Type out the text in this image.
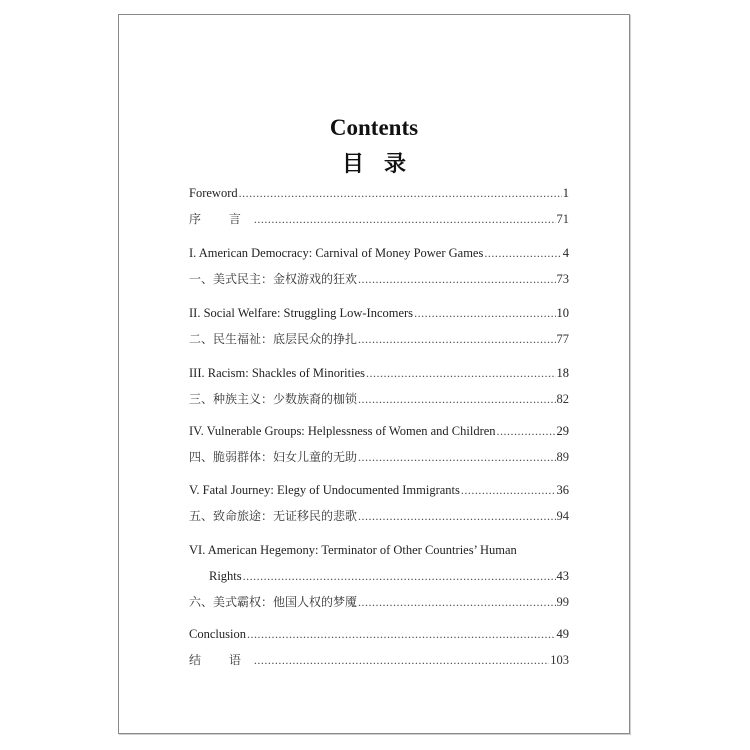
Contents
目录
Foreword .....	1
序 言 .....	71
I. American Democracy: Carnival of Money Power Games .....	4
一、美式民主：金权游戏的狂欢 .....	73
II. Social Welfare: Struggling Low-Incomers .....	10
二、民生福祉：底层民众的挣扎 .....	77
III. Racism: Shackles of Minorities .....	18
三、种族主义：少数族裔的枷锁 .....	82
IV. Vulnerable Groups: Helplessness of Women and Children .....	29
四、脆弱群体：妇女儿童的无助 .....	89
V. Fatal Journey: Elegy of Undocumented Immigrants .....	36
五、致命旅途：无证移民的悲歌 .....	94
VI. American Hegemony: Terminator of Other Countries’ Human
Rights .....	43
六、美式霸权：他国人权的梦魇 .....	99
Conclusion .....	49
结 语 .....	103
